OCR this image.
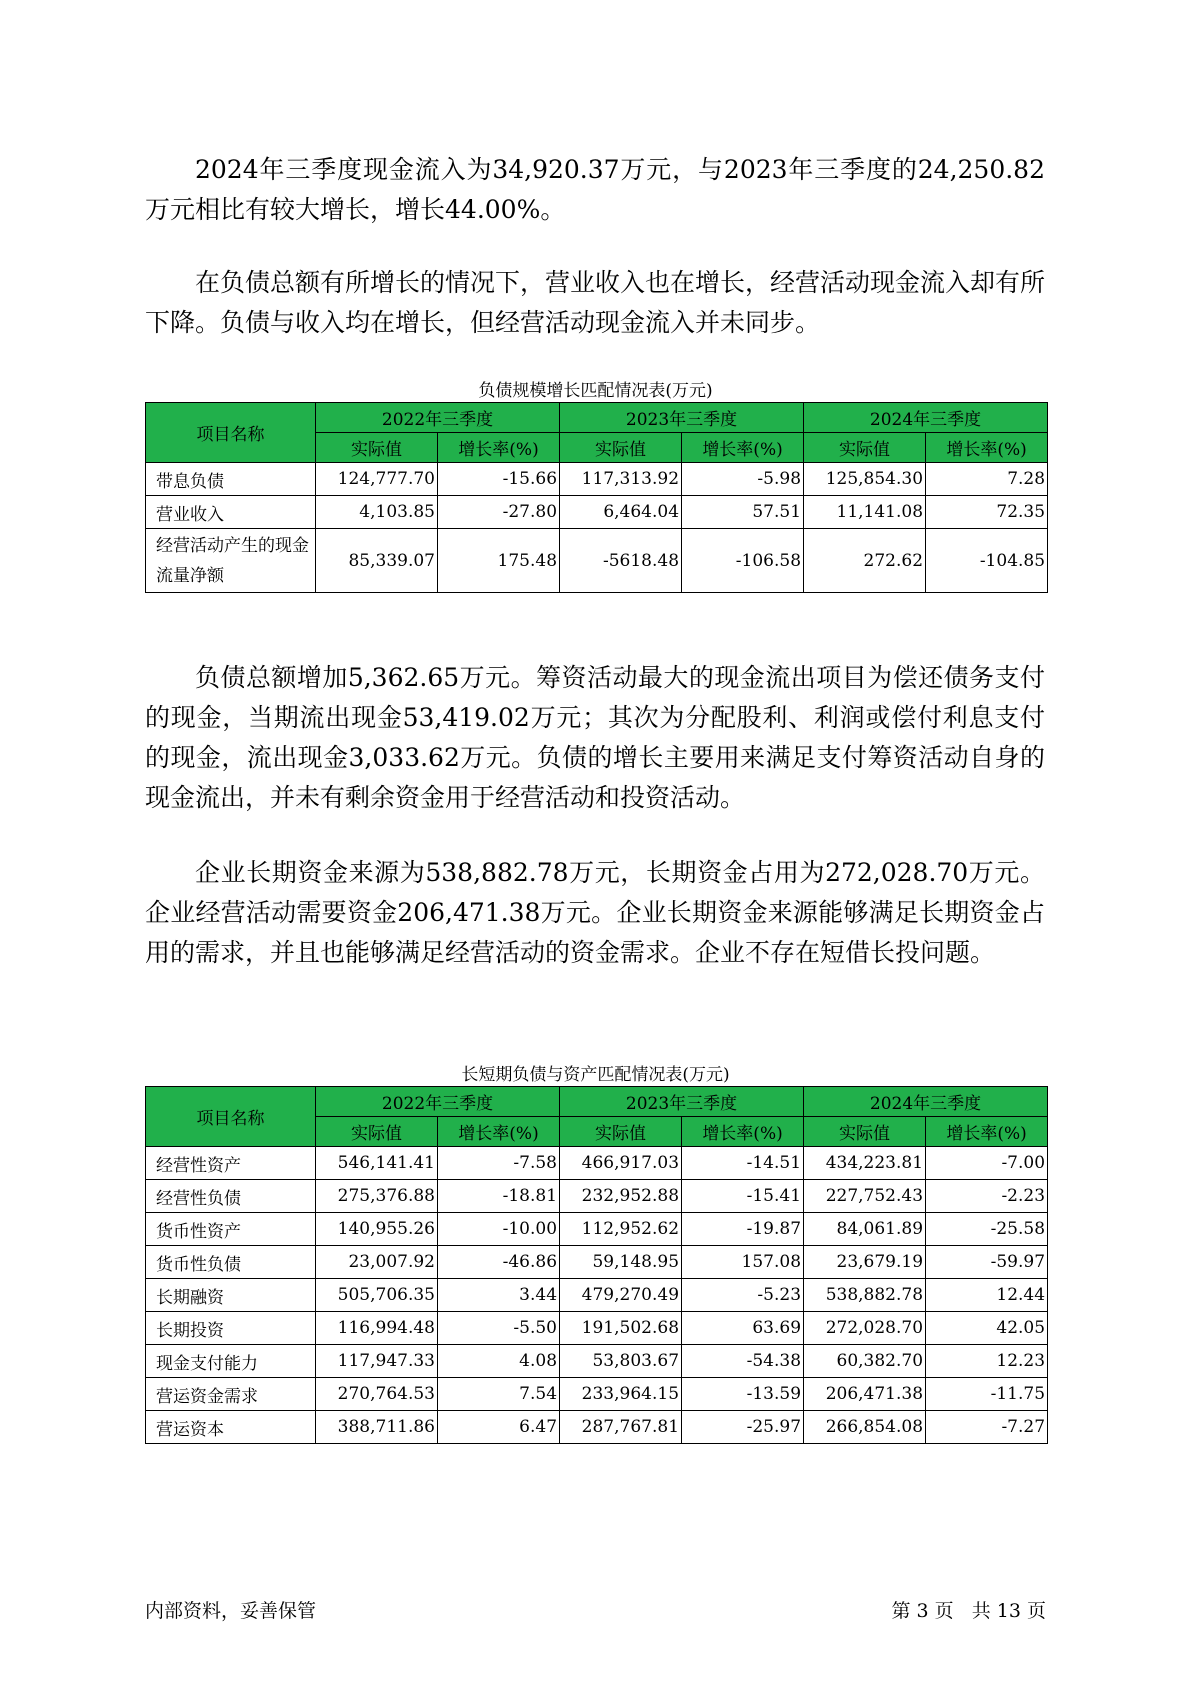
2024年三季度现金流入为34,920.37万元，与2023年三季度的24,250.82万元相比有较大增长，增长44.00%。

在负债总额有所增长的情况下，营业收入也在增长，经营活动现金流入却有所下降。负债与收入均在增长，但经营活动现金流入并未同步。

负债规模增长匹配情况表(万元)
项目名称	2022年三季度		2023年三季度		2024年三季度	
	实际值	增长率(%)	实际值	增长率(%)	实际值	增长率(%)
带息负债	124,777.70	-15.66	117,313.92	-5.98	125,854.30	7.28
营业收入	4,103.85	-27.80	6,464.04	57.51	11,141.08	72.35
经营活动产生的现金流量净额	85,339.07	175.48	-5618.48	-106.58	272.62	-104.85

负债总额增加5,362.65万元。筹资活动最大的现金流出项目为偿还债务支付的现金，当期流出现金53,419.02万元；其次为分配股利、利润或偿付利息支付的现金，流出现金3,033.62万元。负债的增长主要用来满足支付筹资活动自身的现金流出，并未有剩余资金用于经营活动和投资活动。

企业长期资金来源为538,882.78万元，长期资金占用为272,028.70万元。企业经营活动需要资金206,471.38万元。企业长期资金来源能够满足长期资金占用的需求，并且也能够满足经营活动的资金需求。企业不存在短借长投问题。

长短期负债与资产匹配情况表(万元)
项目名称	2022年三季度		2023年三季度		2024年三季度	
	实际值	增长率(%)	实际值	增长率(%)	实际值	增长率(%)
经营性资产	546,141.41	-7.58	466,917.03	-14.51	434,223.81	-7.00
经营性负债	275,376.88	-18.81	232,952.88	-15.41	227,752.43	-2.23
货币性资产	140,955.26	-10.00	112,952.62	-19.87	84,061.89	-25.58
货币性负债	23,007.92	-46.86	59,148.95	157.08	23,679.19	-59.97
长期融资	505,706.35	3.44	479,270.49	-5.23	538,882.78	12.44
长期投资	116,994.48	-5.50	191,502.68	63.69	272,028.70	42.05
现金支付能力	117,947.33	4.08	53,803.67	-54.38	60,382.70	12.23
营运资金需求	270,764.53	7.54	233,964.15	-13.59	206,471.38	-11.75
营运资本	388,711.86	6.47	287,767.81	-25.97	266,854.08	-7.27
内部资料，妥善保管	第 3 页   共 13 页
